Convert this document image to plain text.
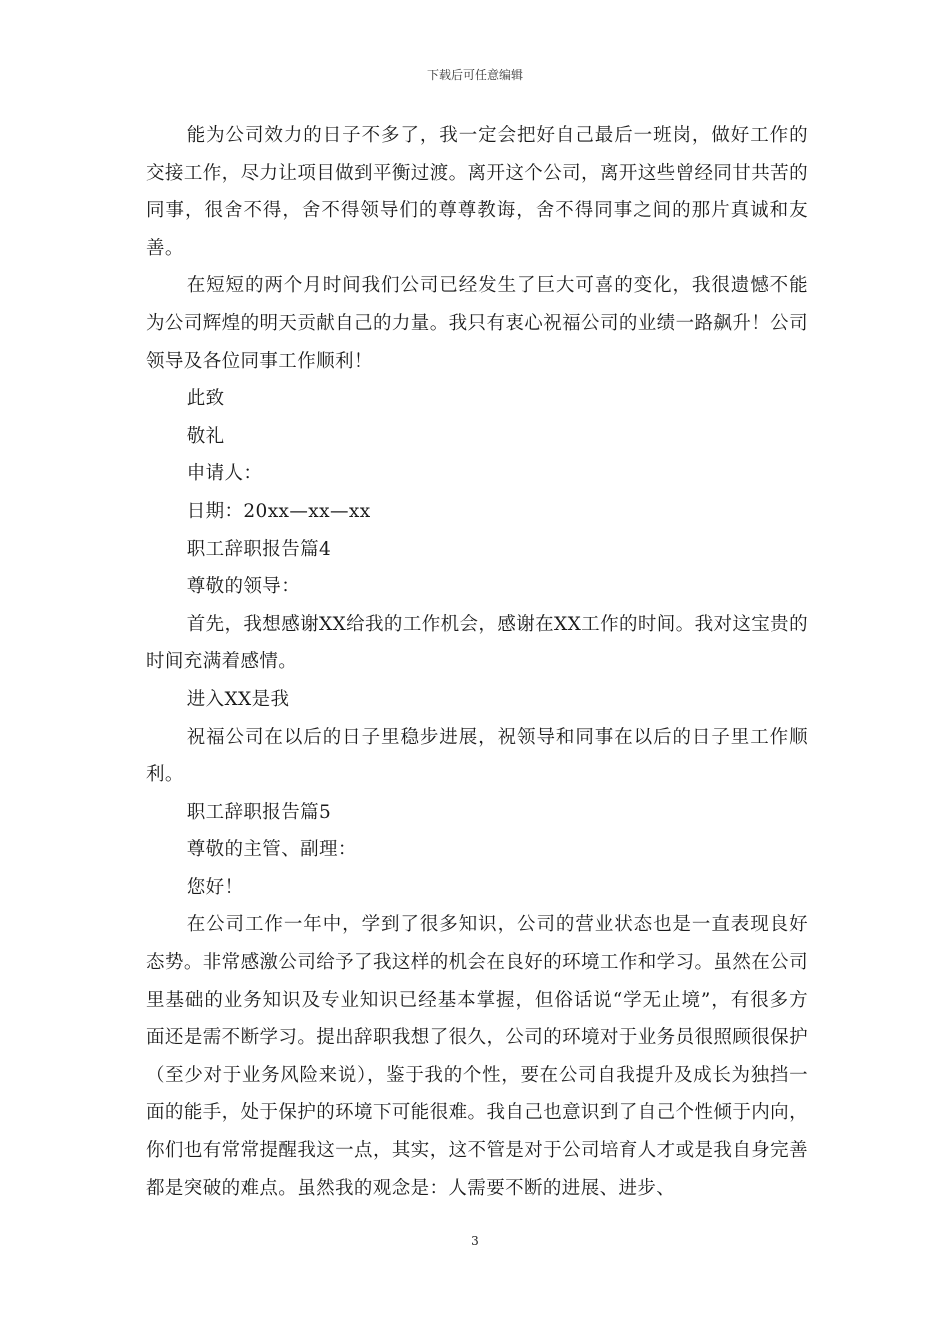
下载后可任意编辑

能为公司效力的日子不多了，我一定会把好自己最后一班岗，做好工作的交接工作，尽力让项目做到平衡过渡。离开这个公司，离开这些曾经同甘共苦的同事，很舍不得，舍不得领导们的尊尊教诲，舍不得同事之间的那片真诚和友善。

在短短的两个月时间我们公司已经发生了巨大可喜的变化，我很遗憾不能为公司辉煌的明天贡献自己的力量。我只有衷心祝福公司的业绩一路飙升！公司领导及各位同事工作顺利！

此致

敬礼

申请人：

日期：20xx—xx—xx

职工辞职报告篇4

尊敬的领导：

首先，我想感谢XX给我的工作机会，感谢在XX工作的时间。我对这宝贵的时间充满着感情。

进入XX是我

祝福公司在以后的日子里稳步进展，祝领导和同事在以后的日子里工作顺利。

职工辞职报告篇5

尊敬的主管、副理：

您好！

在公司工作一年中，学到了很多知识，公司的营业状态也是一直表现良好态势。非常感激公司给予了我这样的机会在良好的环境工作和学习。虽然在公司里基础的业务知识及专业知识已经基本掌握，但俗话说“学无止境”，有很多方面还是需不断学习。提出辞职我想了很久，公司的环境对于业务员很照顾很保护（至少对于业务风险来说），鉴于我的个性，要在公司自我提升及成长为独挡一面的能手，处于保护的环境下可能很难。我自己也意识到了自己个性倾于内向，你们也有常常提醒我这一点，其实，这不管是对于公司培育人才或是我自身完善都是突破的难点。虽然我的观念是：人需要不断的进展、进步、

3
